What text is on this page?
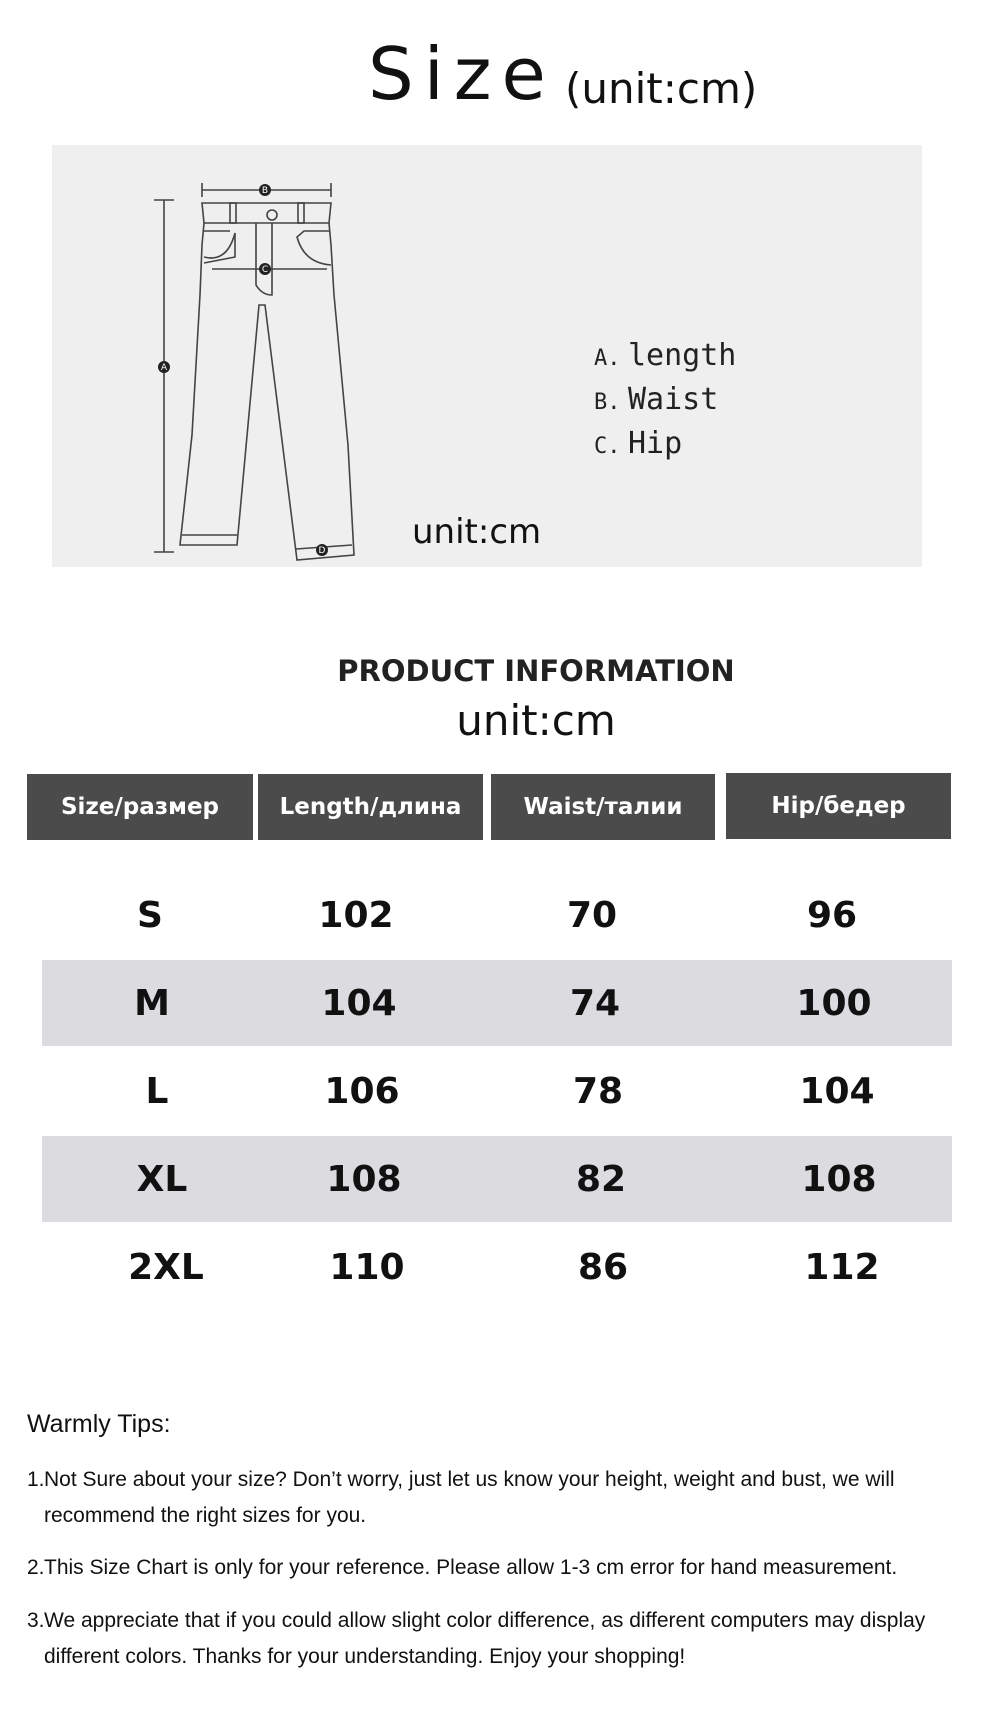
Size (unit:cm)
A
B
C
D
A. length
B. Waist
C. Hip
unit:cm
PRODUCT INFORMATION
unit:cm
Size/размер	Length/длина	Waist/талии	Hip/бедер
S	102	70	96
M	104	74	100
L	106	78	104
XL	108	82	108
2XL	110	86	112
Warmly Tips:
1. Not Sure about your size? Don’t worry, just let us know your height, weight and bust, we will recommend the right sizes for you.
2. This Size Chart is only for your reference. Please allow 1-3 cm error for hand measurement.
3. We appreciate that if you could allow slight color difference, as different computers may display different colors. Thanks for your understanding. Enjoy your shopping!
